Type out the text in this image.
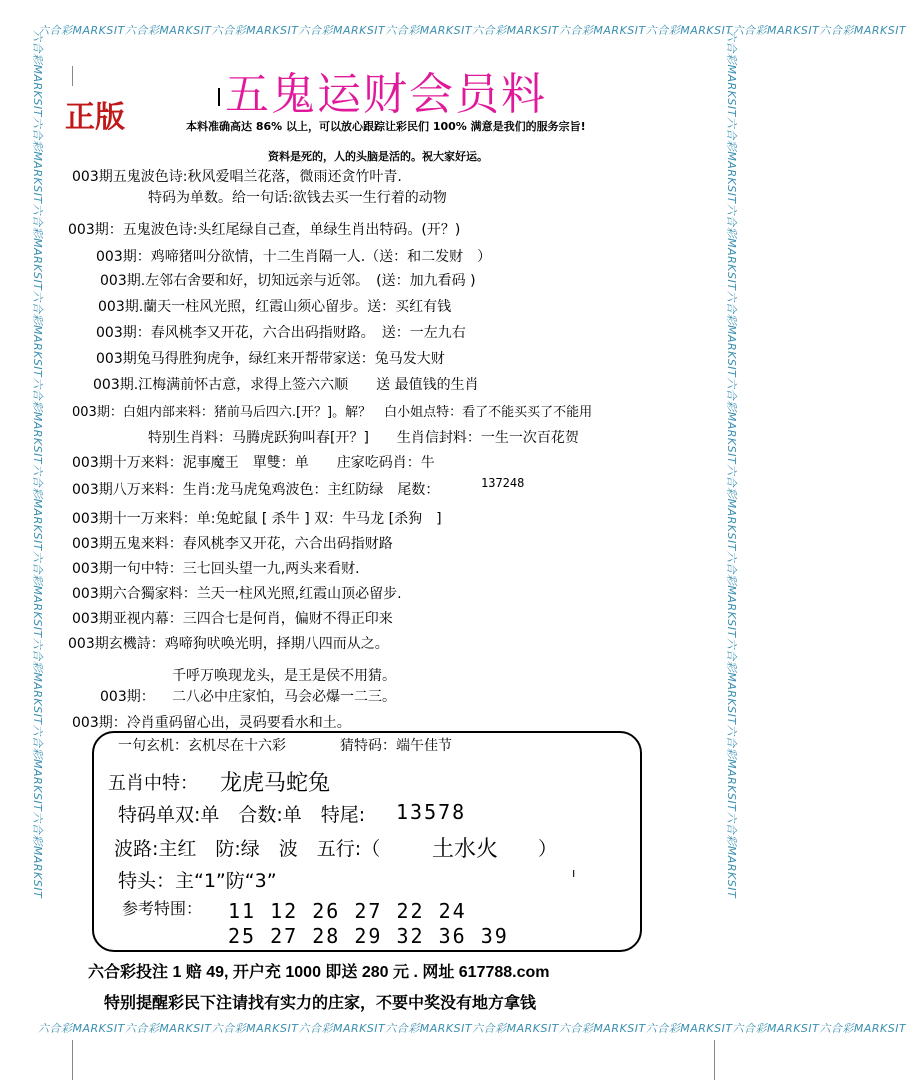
六合彩MARKSIT六合彩MARKSIT六合彩MARKSIT六合彩MARKSIT六合彩MARKSIT六合彩MARKSIT六合彩MARKSIT六合彩MARKSIT六合彩MARKSIT六合彩MARKSIT
六合彩MARKSIT六合彩MARKSIT六合彩MARKSIT六合彩MARKSIT六合彩MARKSIT六合彩MARKSIT六合彩MARKSIT六合彩MARKSIT六合彩MARKSIT六合彩MARKSIT
六合彩MARKSIT六合彩MARKSIT六合彩MARKSIT六合彩MARKSIT六合彩MARKSIT六合彩MARKSIT六合彩MARKSIT六合彩MARKSIT六合彩MARKSIT六合彩MARKSIT	六合彩MARKSIT六合彩MARKSIT六合彩MARKSIT六合彩MARKSIT六合彩MARKSIT六合彩MARKSIT六合彩MARKSIT六合彩MARKSIT六合彩MARKSIT六合彩MARKSIT
五鬼运财会员料
正版	本料准确高达 86% 以上，可以放心跟踪让彩民们 100% 满意是我们的服务宗旨!
资料是死的，人的头脑是活的。祝大家好运。
003期五鬼波色诗:秋风爱唱兰花落，微雨还贪竹叶青.
特码为单数。给一句话:欲钱去买一生行着的动物
003期：五鬼波色诗:头红尾绿自己查，单绿生肖出特码。(开？)
003期：鸡啼猪叫分欲情，十二生肖隔一人.（送：和二发财　）
003期.左邻右舍要和好，切知远亲与近邻。　(送：加九看码 )
003期.蘭天一柱风光照，红霞山须心留步。送：买红有钱
003期：春风桃李又开花，六合出码指财路。　送：一左九右
003期兔马得胜狗虎争，绿红来开帮带家送：兔马发大财
003期.江梅满前怀古意，求得上签六六顺　　送 最值钱的生肖
003期：白姐内部来料：猪前马后四六.[开？]。解？　白小姐点特：看了不能买买了不能用
特别生肖料：马腾虎跃狗叫春[开？]　　生肖信封料：一生一次百花贺
003期十万来料：泥事魔王　單雙：单　　庄家吃码肖：牛
003期八万来料：生肖:龙马虎兔鸡波色：主红防绿　尾数：	137248
003期十一万来料：单:兔蛇鼠 [ 杀牛 ] 双：牛马龙 [杀狗　]
003期五鬼来料：春风桃李又开花，六合出码指财路
003期一句中特：三七回头望一九,两头来看财.
003期六合獨家料：兰天一柱风光照,红霞山顶必留步.
003期亚视内幕：三四合七是何肖，偏财不得正印来
003期玄機詩：鸡啼狗吠唤光明，择期八四而从之。
千呼万唤现龙头，是王是侯不用猜。
003期： 二八必中庄家怕，马会必爆一二三。
003期：冷肖重码留心出，灵码要看水和土。
一句玄机：玄机尽在十六彩	猜特码：端午佳节
五肖中特： 龙虎马蛇兔
特码单双:单　合数:单　特尾: 13578
波路:主红　防:绿　波　五行:（ 土水火 ）
特头：主“1”防“3”	ı
参考特围： 11 12 26 27 22 24
25 27 28 29 32 36 39
六合彩投注 1 赔 49, 开户充 1000 即送 280 元 . 网址 617788.com
特别提醒彩民下注请找有实力的庄家，不要中奖没有地方拿钱
